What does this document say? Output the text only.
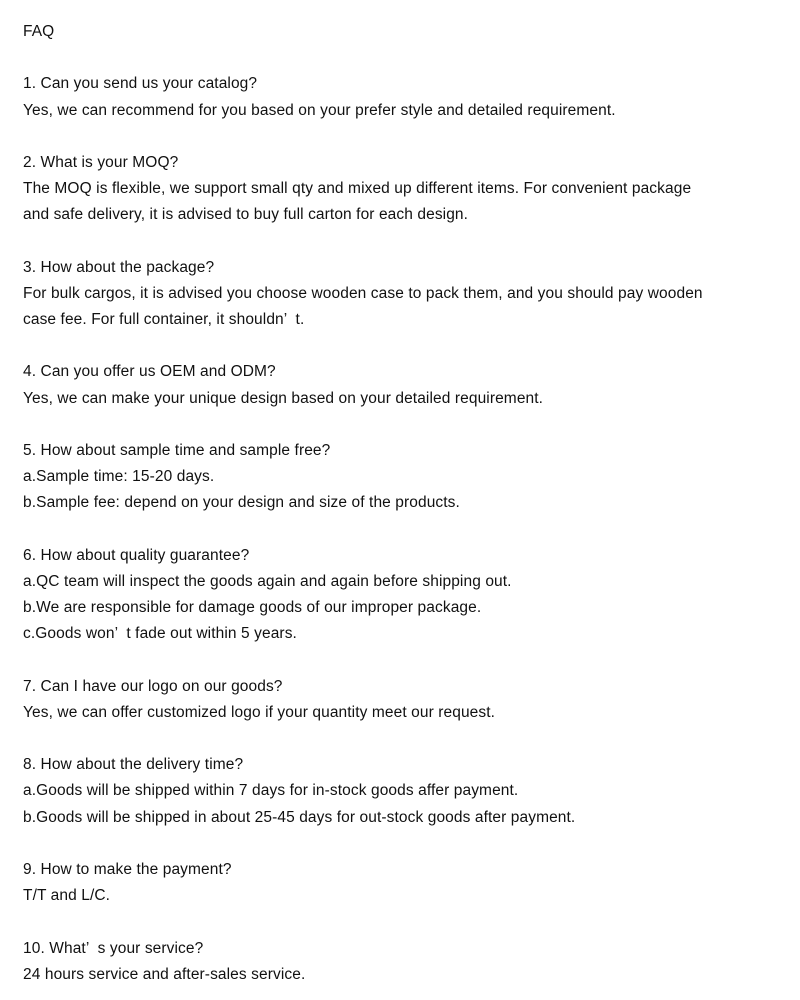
FAQ
1. Can you send us your catalog?
Yes, we can recommend for you based on your prefer style and detailed requirement.
2. What is your MOQ?
The MOQ is flexible, we support small qty and mixed up different items. For convenient package
and safe delivery, it is advised to buy full carton for each design.
3. How about the package?
For bulk cargos, it is advised you choose wooden case to pack them, and you should pay wooden
case fee. For full container, it shouldn’  t.
4. Can you offer us OEM and ODM?
Yes, we can make your unique design based on your detailed requirement.
5. How about sample time and sample free?
a.Sample time: 15-20 days.
b.Sample fee: depend on your design and size of the products.
6. How about quality guarantee?
a.QC team will inspect the goods again and again before shipping out.
b.We are responsible for damage goods of our improper package.
c.Goods won’  t fade out within 5 years.
7. Can I have our logo on our goods?
Yes, we can offer customized logo if your quantity meet our request.
8. How about the delivery time?
a.Goods will be shipped within 7 days for in-stock goods affer payment.
b.Goods will be shipped in about 25-45 days for out-stock goods after payment.
9. How to make the payment?
T/T and L/C.
10. What’  s your service?
24 hours service and after-sales service.
